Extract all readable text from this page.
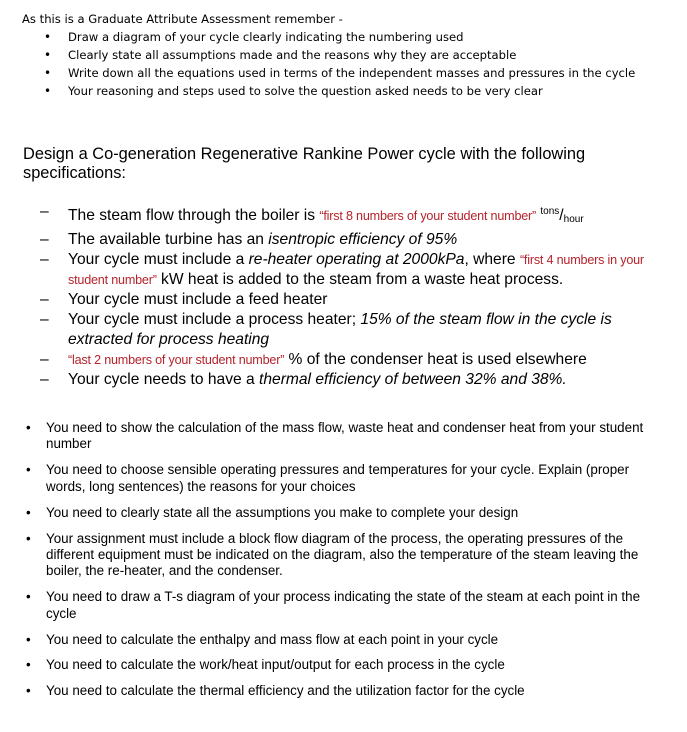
As this is a Graduate Attribute Assessment remember -
• Draw a diagram of your cycle clearly indicating the numbering used
• Clearly state all assumptions made and the reasons why they are acceptable
• Write down all the equations used in terms of the independent masses and pressures in the cycle
• Your reasoning and steps used to solve the question asked needs to be very clear
Design a Co-generation Regenerative Rankine Power cycle with the following specifications:
– The steam flow through the boiler is “first 8 numbers of your student number” $^{tons}$/hour
– The available turbine has an isentropic efficiency of 95%
– Your cycle must include a re-heater operating at 2000kPa, where “first 4 numbers in your student number” kW heat is added to the steam from a waste heat process.
– Your cycle must include a feed heater
– Your cycle must include a process heater; 15% of the steam flow in the cycle is extracted for process heating
– “last 2 numbers of your student number” % of the condenser heat is used elsewhere
– Your cycle needs to have a thermal efficiency of between 32% and 38%.
• You need to show the calculation of the mass flow, waste heat and condenser heat from your student number
• You need to choose sensible operating pressures and temperatures for your cycle. Explain (proper words, long sentences) the reasons for your choices
• You need to clearly state all the assumptions you make to complete your design
• Your assignment must include a block flow diagram of the process, the operating pressures of the different equipment must be indicated on the diagram, also the temperature of the steam leaving the boiler, the re-heater, and the condenser.
• You need to draw a T-s diagram of your process indicating the state of the steam at each point in the cycle
• You need to calculate the enthalpy and mass flow at each point in your cycle
• You need to calculate the work/heat input/output for each process in the cycle
• You need to calculate the thermal efficiency and the utilization factor for the cycle
